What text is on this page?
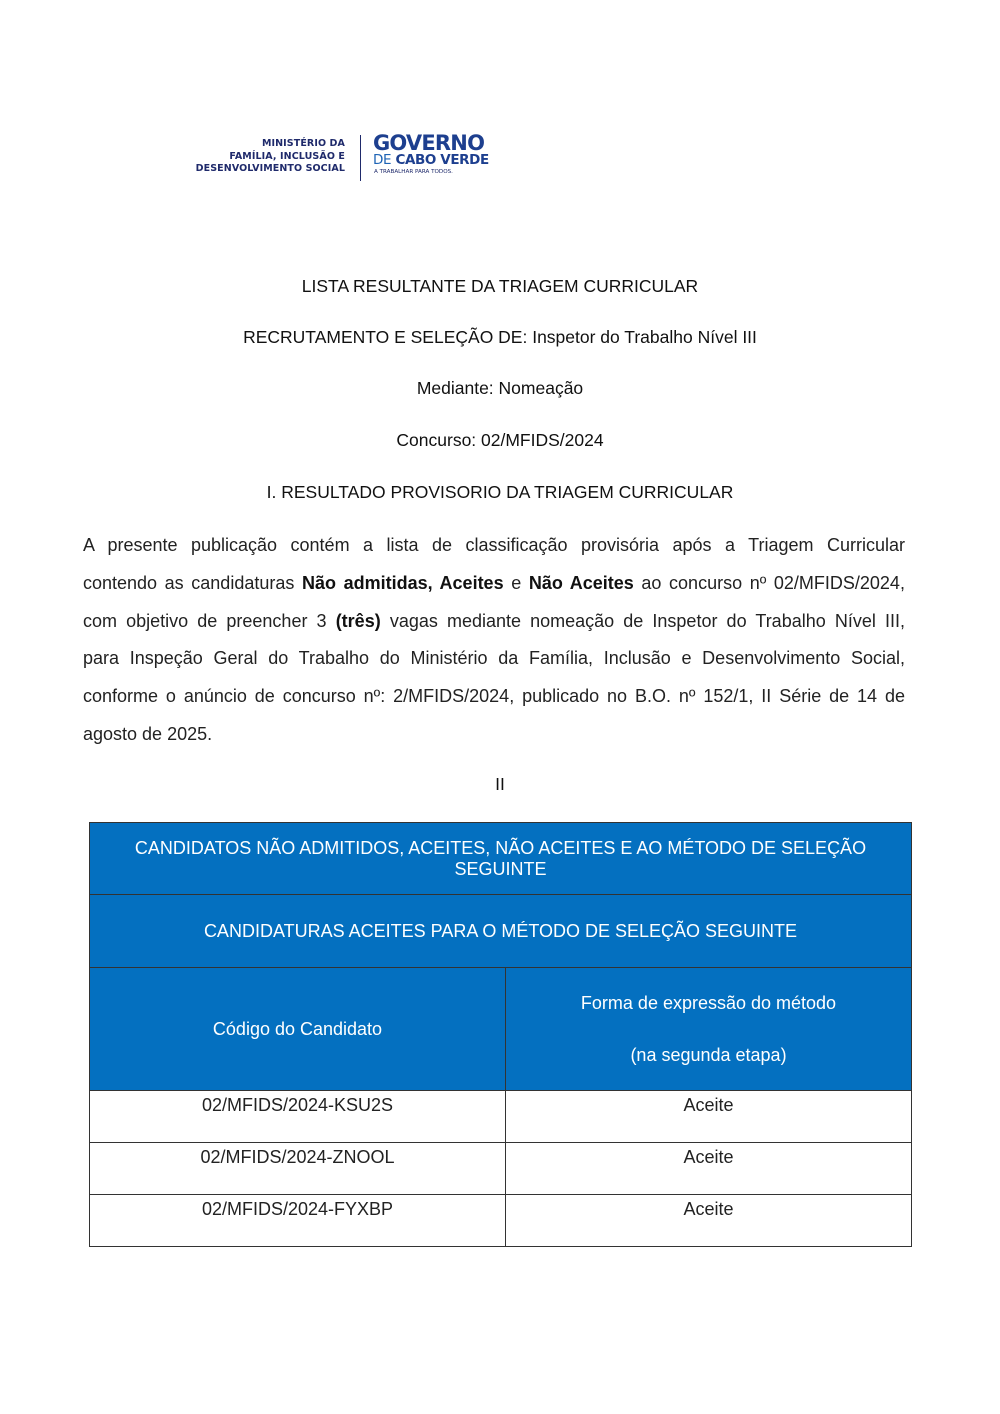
MINISTÉRIO DA
FAMÍLIA, INCLUSÃO E
DESENVOLVIMENTO SOCIAL
GOVERNO
DE CABO VERDE
A TRABALHAR PARA TODOS.
LISTA RESULTANTE DA TRIAGEM CURRICULAR
RECRUTAMENTO E SELEÇÃO DE: Inspetor do Trabalho Nível III
Mediante: Nomeação
Concurso: 02/MFIDS/2024
I. RESULTADO PROVISORIO DA TRIAGEM CURRICULAR
A presente publicação contém a lista de classificação provisória após a Triagem Curricular
contendo as candidaturas Não admitidas, Aceites e Não Aceites ao concurso nº 02/MFIDS/2024,
com objetivo de preencher 3 (três) vagas mediante nomeação de Inspetor do Trabalho Nível III,
para Inspeção Geral do Trabalho do Ministério da Família, Inclusão e Desenvolvimento Social,
conforme o anúncio de concurso nº: 2/MFIDS/2024, publicado no B.O. nº 152/1, II Série de 14 de
agosto de 2025.
II
CANDIDATOS NÃO ADMITIDOS, ACEITES, NÃO ACEITES E AO MÉTODO DE SELEÇÃO SEGUINTE	
CANDIDATURAS ACEITES PARA O MÉTODO DE SELEÇÃO SEGUINTE	
Código do Candidato	Forma de expressão do método
(na segunda etapa)

02/MFIDS/2024-KSU2S	Aceite
02/MFIDS/2024-ZNOOL	Aceite
02/MFIDS/2024-FYXBP	Aceite
